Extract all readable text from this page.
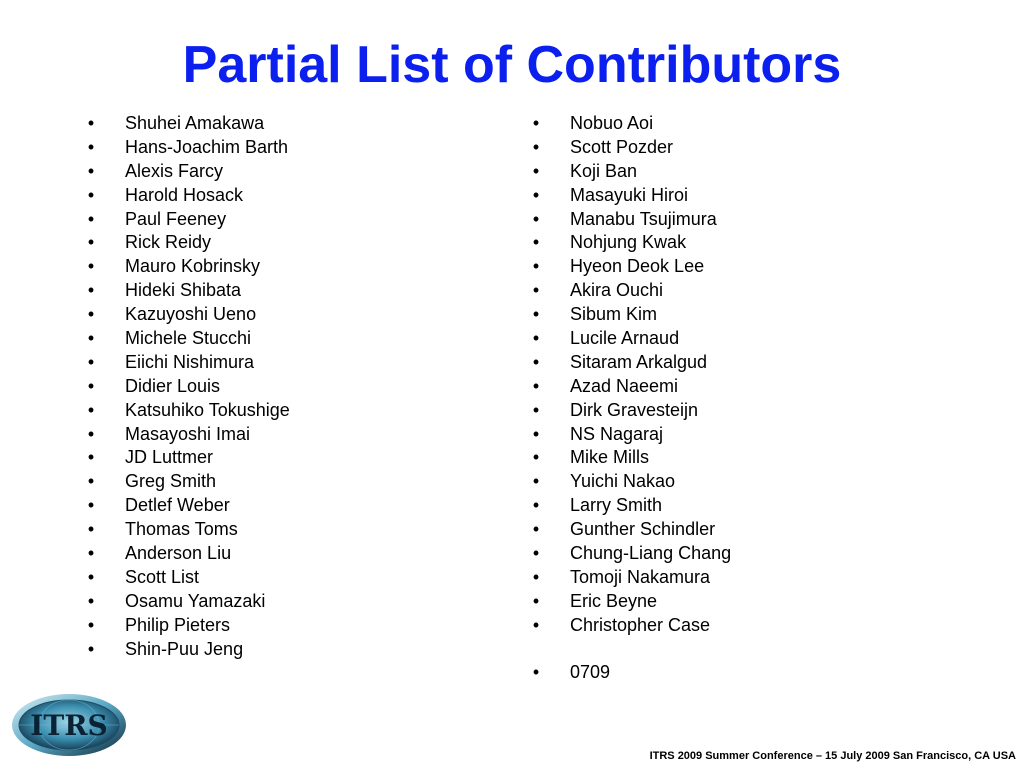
Partial List of Contributors
• Shuhei Amakawa
• Hans-Joachim Barth
• Alexis Farcy
• Harold Hosack
• Paul Feeney
• Rick Reidy
• Mauro Kobrinsky
• Hideki Shibata
• Kazuyoshi Ueno
• Michele Stucchi
• Eiichi Nishimura
• Didier Louis
• Katsuhiko Tokushige
• Masayoshi Imai
• JD Luttmer
• Greg Smith
• Detlef Weber
• Thomas Toms
• Anderson Liu
• Scott List
• Osamu Yamazaki
• Philip Pieters
• Shin-Puu Jeng
• Nobuo Aoi
• Scott Pozder
• Koji Ban
• Masayuki Hiroi
• Manabu Tsujimura
• Nohjung Kwak
• Hyeon Deok Lee
• Akira Ouchi
• Sibum Kim
• Lucile Arnaud
• Sitaram Arkalgud
• Azad Naeemi
• Dirk Gravesteijn
• NS Nagaraj
• Mike Mills
• Yuichi Nakao
• Larry Smith
• Gunther Schindler
• Chung-Liang Chang
• Tomoji Nakamura
• Eric Beyne
• Christopher Case
• 0709
ITRS
ITRS 2009 Summer Conference – 15 July 2009 San Francisco, CA USA
